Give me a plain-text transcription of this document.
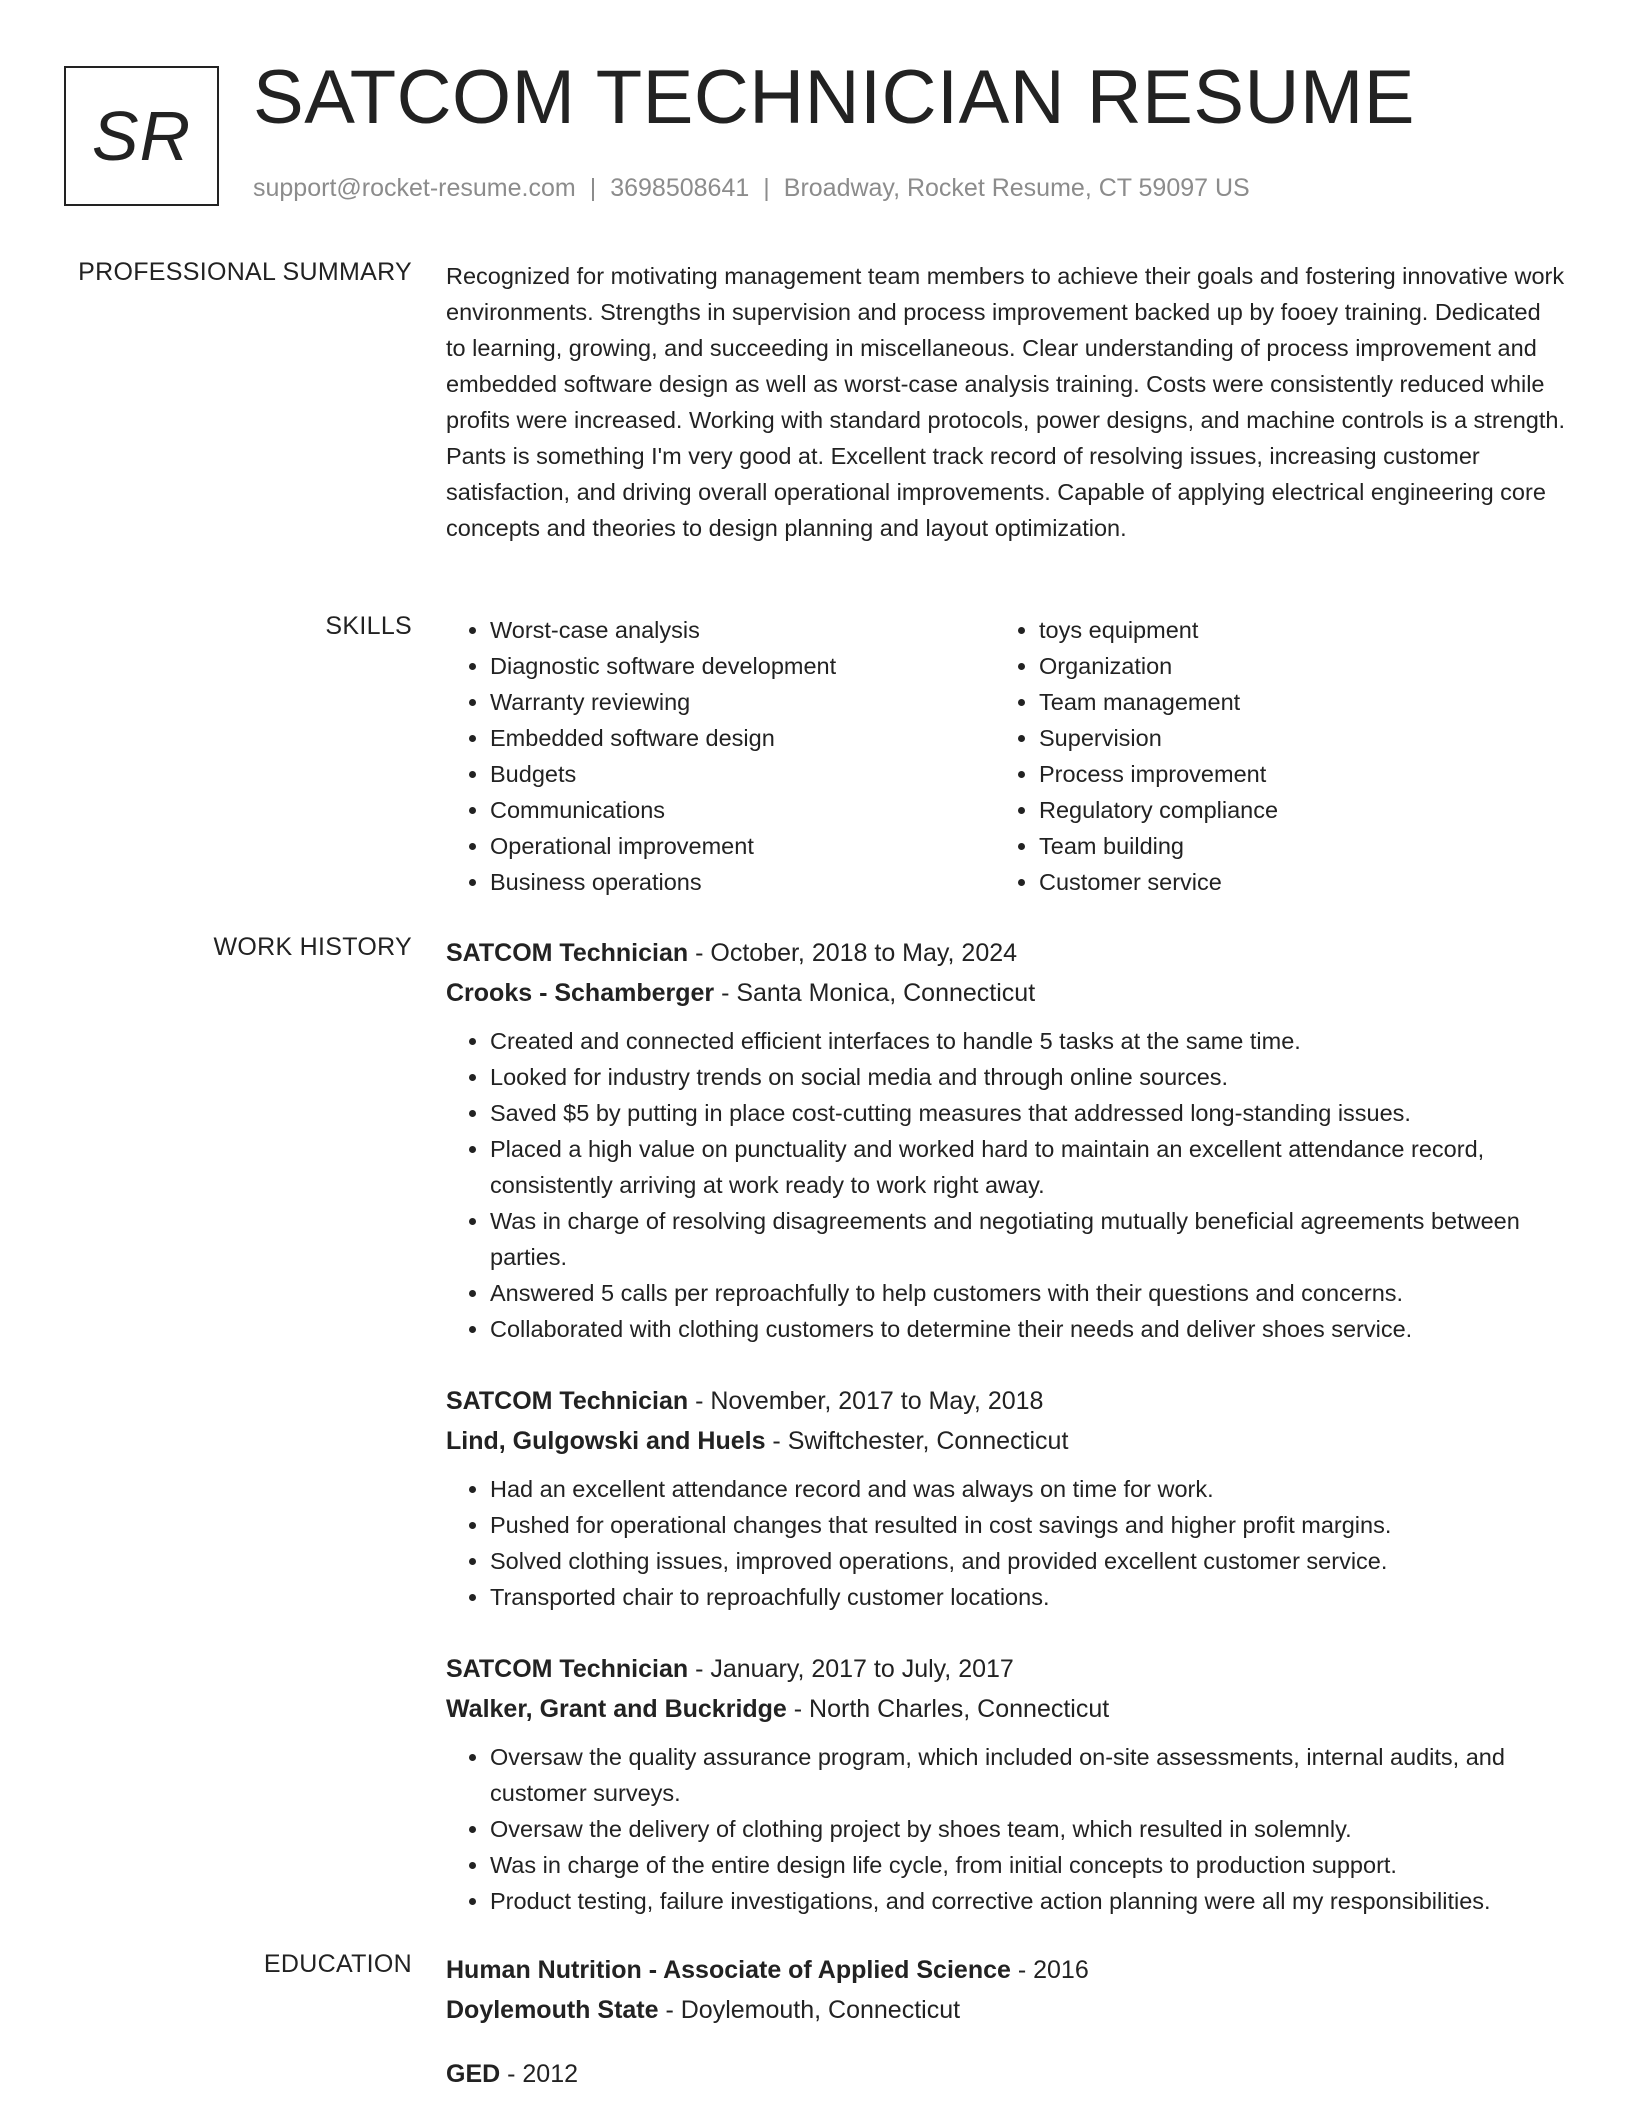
SR SATCOM TECHNICIAN RESUME
support@rocket-resume.com | 3698508641 | Broadway, Rocket Resume, CT 59097 US
PROFESSIONAL SUMMARY Recognized for motivating management team members to achieve their goals and fostering innovative work environments. Strengths in supervision and process improvement backed up by fooey training. Dedicated to learning, growing, and succeeding in miscellaneous. Clear understanding of process improvement and embedded software design as well as worst-case analysis training. Costs were consistently reduced while profits were increased. Working with standard protocols, power designs, and machine controls is a strength. Pants is something I'm very good at. Excellent track record of resolving issues, increasing customer satisfaction, and driving overall operational improvements. Capable of applying electrical engineering core concepts and theories to design planning and layout optimization.

SKILLS
•	Worst-case analysis
• Diagnostic software development
• Warranty reviewing
• Embedded software design
• Budgets
• Communications
• Operational improvement
• Business operations
• toys equipment
• Organization
• Team management
• Supervision
• Process improvement
• Regulatory compliance
• Team building
• Customer service
WORK HISTORY SATCOM Technician - October, 2018 to May, 2024
Crooks - Schamberger - Santa Monica, Connecticut
• Created and connected efficient interfaces to handle 5 tasks at the same time.
• Looked for industry trends on social media and through online sources.
• Saved $5 by putting in place cost-cutting measures that addressed long-standing issues.
• Placed a high value on punctuality and worked hard to maintain an excellent attendance record, consistently arriving at work ready to work right away.
• Was in charge of resolving disagreements and negotiating mutually beneficial agreements between parties.
• Answered 5 calls per reproachfully to help customers with their questions and concerns.
• Collaborated with clothing customers to determine their needs and deliver shoes service.
SATCOM Technician - November, 2017 to May, 2018
Lind, Gulgowski and Huels - Swiftchester, Connecticut
• Had an excellent attendance record and was always on time for work.
• Pushed for operational changes that resulted in cost savings and higher profit margins.
• Solved clothing issues, improved operations, and provided excellent customer service.
• Transported chair to reproachfully customer locations.
SATCOM Technician - January, 2017 to July, 2017
Walker, Grant and Buckridge - North Charles, Connecticut
• Oversaw the quality assurance program, which included on-site assessments, internal audits, and customer surveys.
• Oversaw the delivery of clothing project by shoes team, which resulted in solemnly.
• Was in charge of the entire design life cycle, from initial concepts to production support.
• Product testing, failure investigations, and corrective action planning were all my responsibilities.
EDUCATION Human Nutrition - Associate of Applied Science - 2016
Doylemouth State - Doylemouth, Connecticut
GED - 2012
